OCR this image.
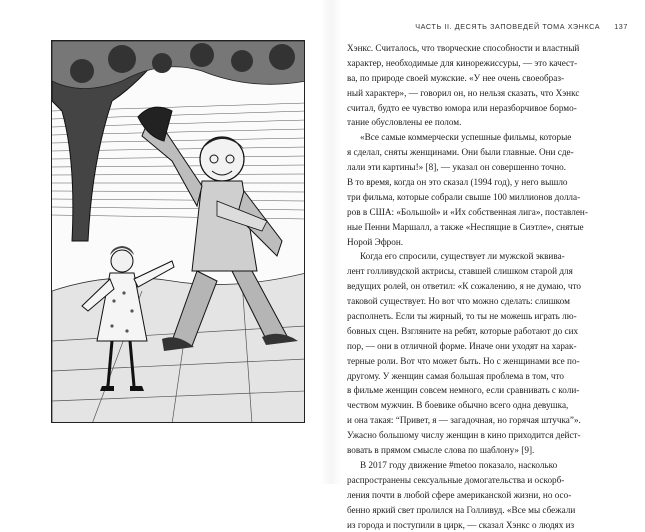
ЧАСТЬ II. ДЕСЯТЬ ЗАПОВЕДЕЙ ТОМА ХЭНКСА 137
Хэнкс. Считалось, что творческие способности и властный
характер, необходимые для кинорежиссуры, — это качест-
ва, по природе своей мужские. «У нее очень своеобраз-
ный характер», — говорил он, но нельзя сказать, что Хэнкс
считал, будто ее чувство юмора или неразборчивое бормо-
тание обусловлены ее полом.
«Все самые коммерчески успешные фильмы, которые
я сделал, сняты женщинами. Они были главные. Они сде-
лали эти картины!» [8], — указал он совершенно точно.
В то время, когда он это сказал (1994 год), у него вышло
три фильма, которые собрали свыше 100 миллионов долла-
ров в США: «Большой» и «Их собственная лига», поставлен-
ные Пенни Маршалл, а также «Неспящие в Сиэтле», снятые
Норой Эфрон.
Когда его спросили, существует ли мужской эквива-
лент голливудской актрисы, ставшей слишком старой для
ведущих ролей, он ответил: «К сожалению, я не думаю, что
таковой существует. Но вот что можно сделать: слишком
располнеть. Если ты жирный, то ты не можешь играть лю-
бовных сцен. Взгляните на ребят, которые работают до сих
пор, — они в отличной форме. Иначе они уходят на харак-
терные роли. Вот что может быть. Но с женщинами все по-
другому. У женщин самая большая проблема в том, что
в фильме женщин совсем немного, если сравнивать с коли-
чеством мужчин. В боевике обычно всего одна девушка,
и она такая: “Привет, я — загадочная, но горячая штучка”».
Ужасно большому числу женщин в кино приходится дейст-
вовать в прямом смысле слова по шаблону» [9].
В 2017 году движение #metoo показало, насколько
распространены сексуальные домогательства и оскорб-
ления почти в любой сфере американской жизни, но осо-
бенно яркий свет пролился на Голливуд. «Все мы сбежали
из города и поступили в цирк, — сказал Хэнкс о людях из
